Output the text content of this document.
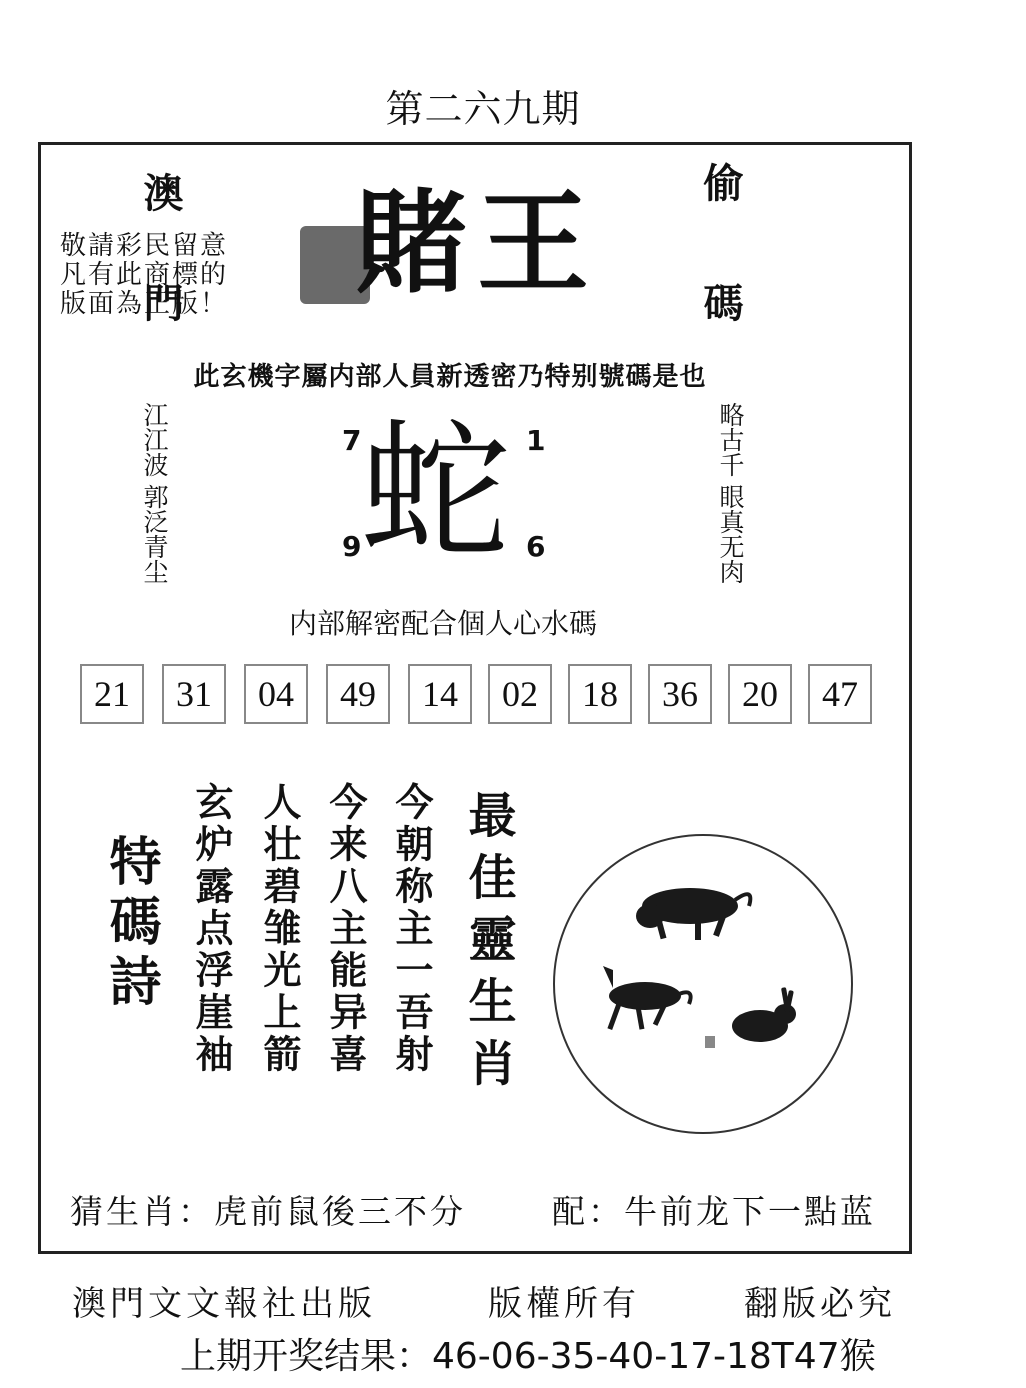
第二六九期
澳門	偷碼
敬請彩民留意
凡有此商標的
版面為正版！ 賭王
此玄機字屬内部人員新透密乃特别號碼是也
江江波
郭泛青尘
略古千
眼真无肉
蛇
7	1
9	6
内部解密配合個人心水碼
21	31	04	49	14	02	18	36	20	47
特碼詩 玄炉露点浮崖袖 人壮碧雏光上箭 今来八主能异喜 今朝称主一吾射 最佳靈生肖
猜生肖：虎前鼠後三不分	配：牛前龙下一點蓝
澳門文文報社出版	版權所有	翻版必究
上期开奖结果：46-06-35-40-17-18T47猴
